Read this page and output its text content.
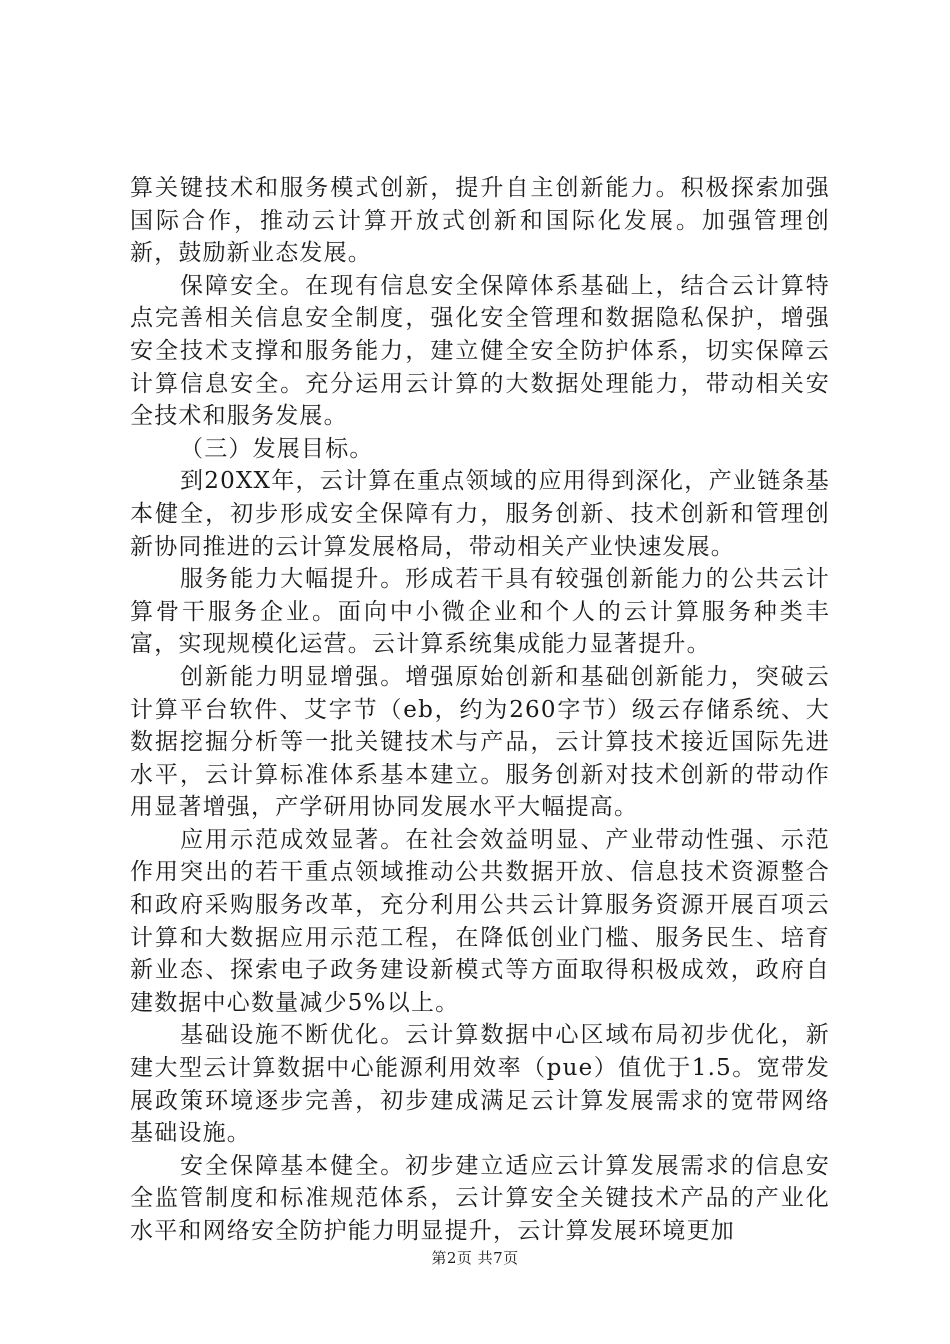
算关键技术和服务模式创新，提升自主创新能力。积极探索加强国际合作，推动云计算开放式创新和国际化发展。加强管理创新，鼓励新业态发展。

保障安全。在现有信息安全保障体系基础上，结合云计算特点完善相关信息安全制度，强化安全管理和数据隐私保护，增强安全技术支撑和服务能力，建立健全安全防护体系，切实保障云计算信息安全。充分运用云计算的大数据处理能力，带动相关安全技术和服务发展。

（三）发展目标。

到20XX年，云计算在重点领域的应用得到深化，产业链条基本健全，初步形成安全保障有力，服务创新、技术创新和管理创新协同推进的云计算发展格局，带动相关产业快速发展。

服务能力大幅提升。形成若干具有较强创新能力的公共云计算骨干服务企业。面向中小微企业和个人的云计算服务种类丰富，实现规模化运营。云计算系统集成能力显著提升。

创新能力明显增强。增强原始创新和基础创新能力，突破云计算平台软件、艾字节（eb，约为260字节）级云存储系统、大数据挖掘分析等一批关键技术与产品，云计算技术接近国际先进水平，云计算标准体系基本建立。服务创新对技术创新的带动作用显著增强，产学研用协同发展水平大幅提高。

应用示范成效显著。在社会效益明显、产业带动性强、示范作用突出的若干重点领域推动公共数据开放、信息技术资源整合和政府采购服务改革，充分利用公共云计算服务资源开展百项云计算和大数据应用示范工程，在降低创业门槛、服务民生、培育新业态、探索电子政务建设新模式等方面取得积极成效，政府自建数据中心数量减少5%以上。

基础设施不断优化。云计算数据中心区域布局初步优化，新建大型云计算数据中心能源利用效率（pue）值优于1.5。宽带发展政策环境逐步完善，初步建成满足云计算发展需求的宽带网络基础设施。

安全保障基本健全。初步建立适应云计算发展需求的信息安全监管制度和标准规范体系，云计算安全关键技术产品的产业化水平和网络安全防护能力明显提升，云计算发展环境更加

第2页 共7页
